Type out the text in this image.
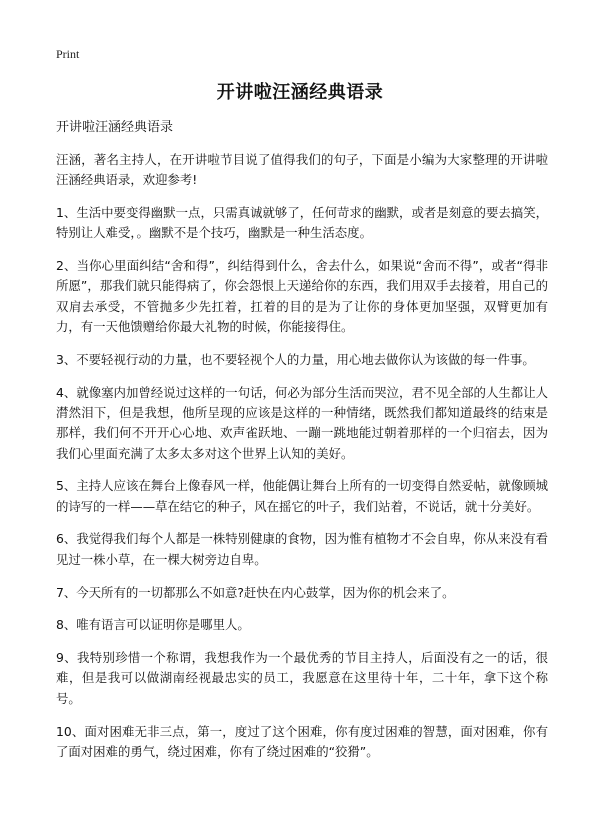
Print
开讲啦汪涵经典语录

开讲啦汪涵经典语录

汪涵，著名主持人，在开讲啦节目说了值得我们的句子，下面是小编为大家整理的开讲啦汪涵经典语录，欢迎参考!

1、生活中要变得幽默一点，只需真诚就够了，任何苛求的幽默，或者是刻意的要去搞笑，特别让人难受，。幽默不是个技巧，幽默是一种生活态度。

2、当你心里面纠结“舍和得”，纠结得到什么，舍去什么，如果说“舍而不得”，或者“得非所愿”，那我们就只能得病了，你会怨恨上天递给你的东西，我们用双手去接着，用自己的双肩去承受，不管抛多少先扛着，扛着的目的是为了让你的身体更加坚强，双臂更加有力，有一天他馈赠给你最大礼物的时候，你能接得住。

3、不要轻视行动的力量，也不要轻视个人的力量，用心地去做你认为该做的每一件事。

4、就像塞内加曾经说过这样的一句话，何必为部分生活而哭泣，君不见全部的人生都让人潸然泪下，但是我想，他所呈现的应该是这样的一种情绪，既然我们都知道最终的结束是那样，我们何不开开心心地、欢声雀跃地、一蹦一跳地能过朝着那样的一个归宿去，因为我们心里面充满了太多太多对这个世界上认知的美好。

5、主持人应该在舞台上像春风一样，他能偶让舞台上所有的一切变得自然妥帖，就像顾城的诗写的一样——草在结它的种子，风在摇它的叶子，我们站着，不说话，就十分美好。

6、我觉得我们每个人都是一株特别健康的食物，因为惟有植物才不会自卑，你从来没有看见过一株小草，在一棵大树旁边自卑。

7、今天所有的一切都那么不如意?赶快在内心鼓掌，因为你的机会来了。

8、唯有语言可以证明你是哪里人。

9、我特别珍惜一个称谓，我想我作为一个最优秀的节目主持人，后面没有之一的话，很难，但是我可以做湖南经视最忠实的员工，我愿意在这里待十年，二十年，拿下这个称号。

10、面对困难无非三点，第一，度过了这个困难，你有度过困难的智慧，面对困难，你有了面对困难的勇气，绕过困难，你有了绕过困难的“狡猾”。
